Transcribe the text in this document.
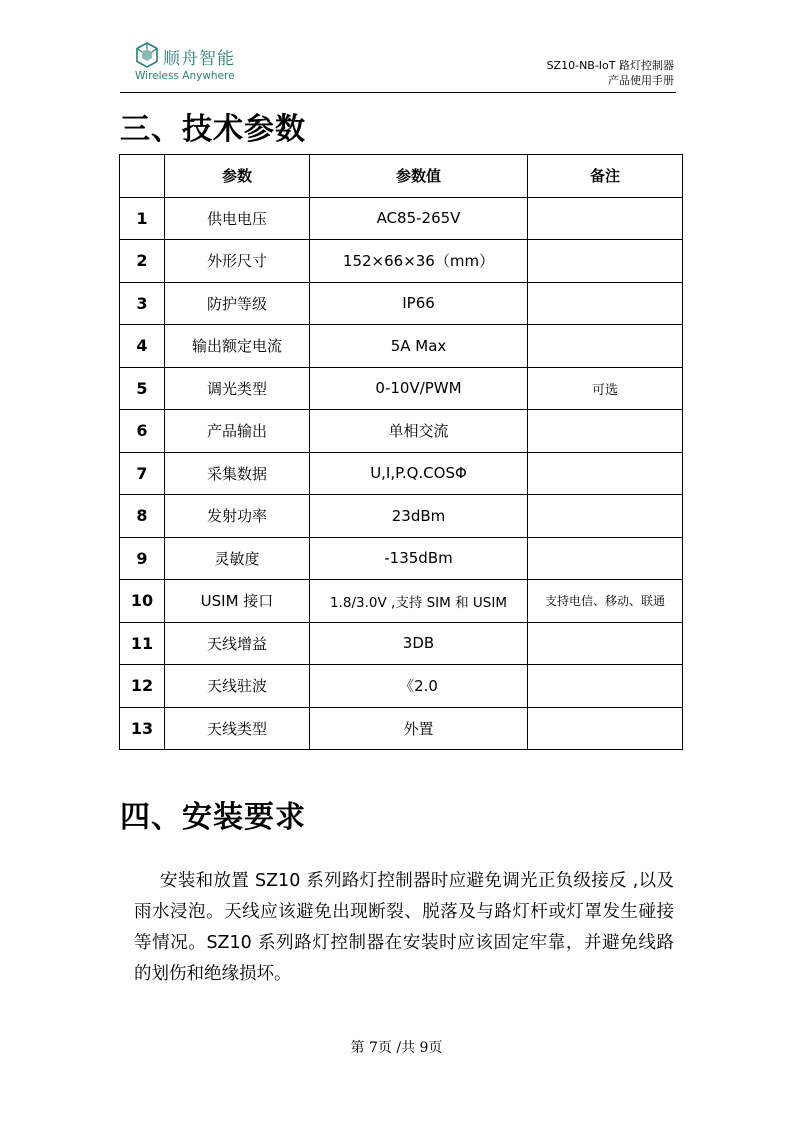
顺舟智能
Wireless Anywhere
SZ10-NB-IoT 路灯控制器
产品使用手册
三、技术参数
	参数	参数值	备注
1	供电电压	AC85-265V	
2	外形尺寸	152×66×36（mm）	
3	防护等级	IP66	
4	输出额定电流	5A Max	
5	调光类型	0-10V/PWM	可选
6	产品输出	单相交流	
7	采集数据	U,I,P.Q.COSΦ	
8	发射功率	23dBm	
9	灵敏度	-135dBm	
10	USIM 接口	1.8/3.0V ,支持 SIM 和 USIM	支持电信、移动、联通
11	天线增益	3DB	
12	天线驻波	《2.0	
13	天线类型	外置	
四、安装要求

安装和放置 SZ10 系列路灯控制器时应避免调光正负级接反 ,以及雨水浸泡。天线应该避免出现断裂、脱落及与路灯杆或灯罩发生碰接等情况。SZ10 系列路灯控制器在安装时应该固定牢靠，并避免线路的划伤和绝缘损坏。

第 7页 /共 9页
